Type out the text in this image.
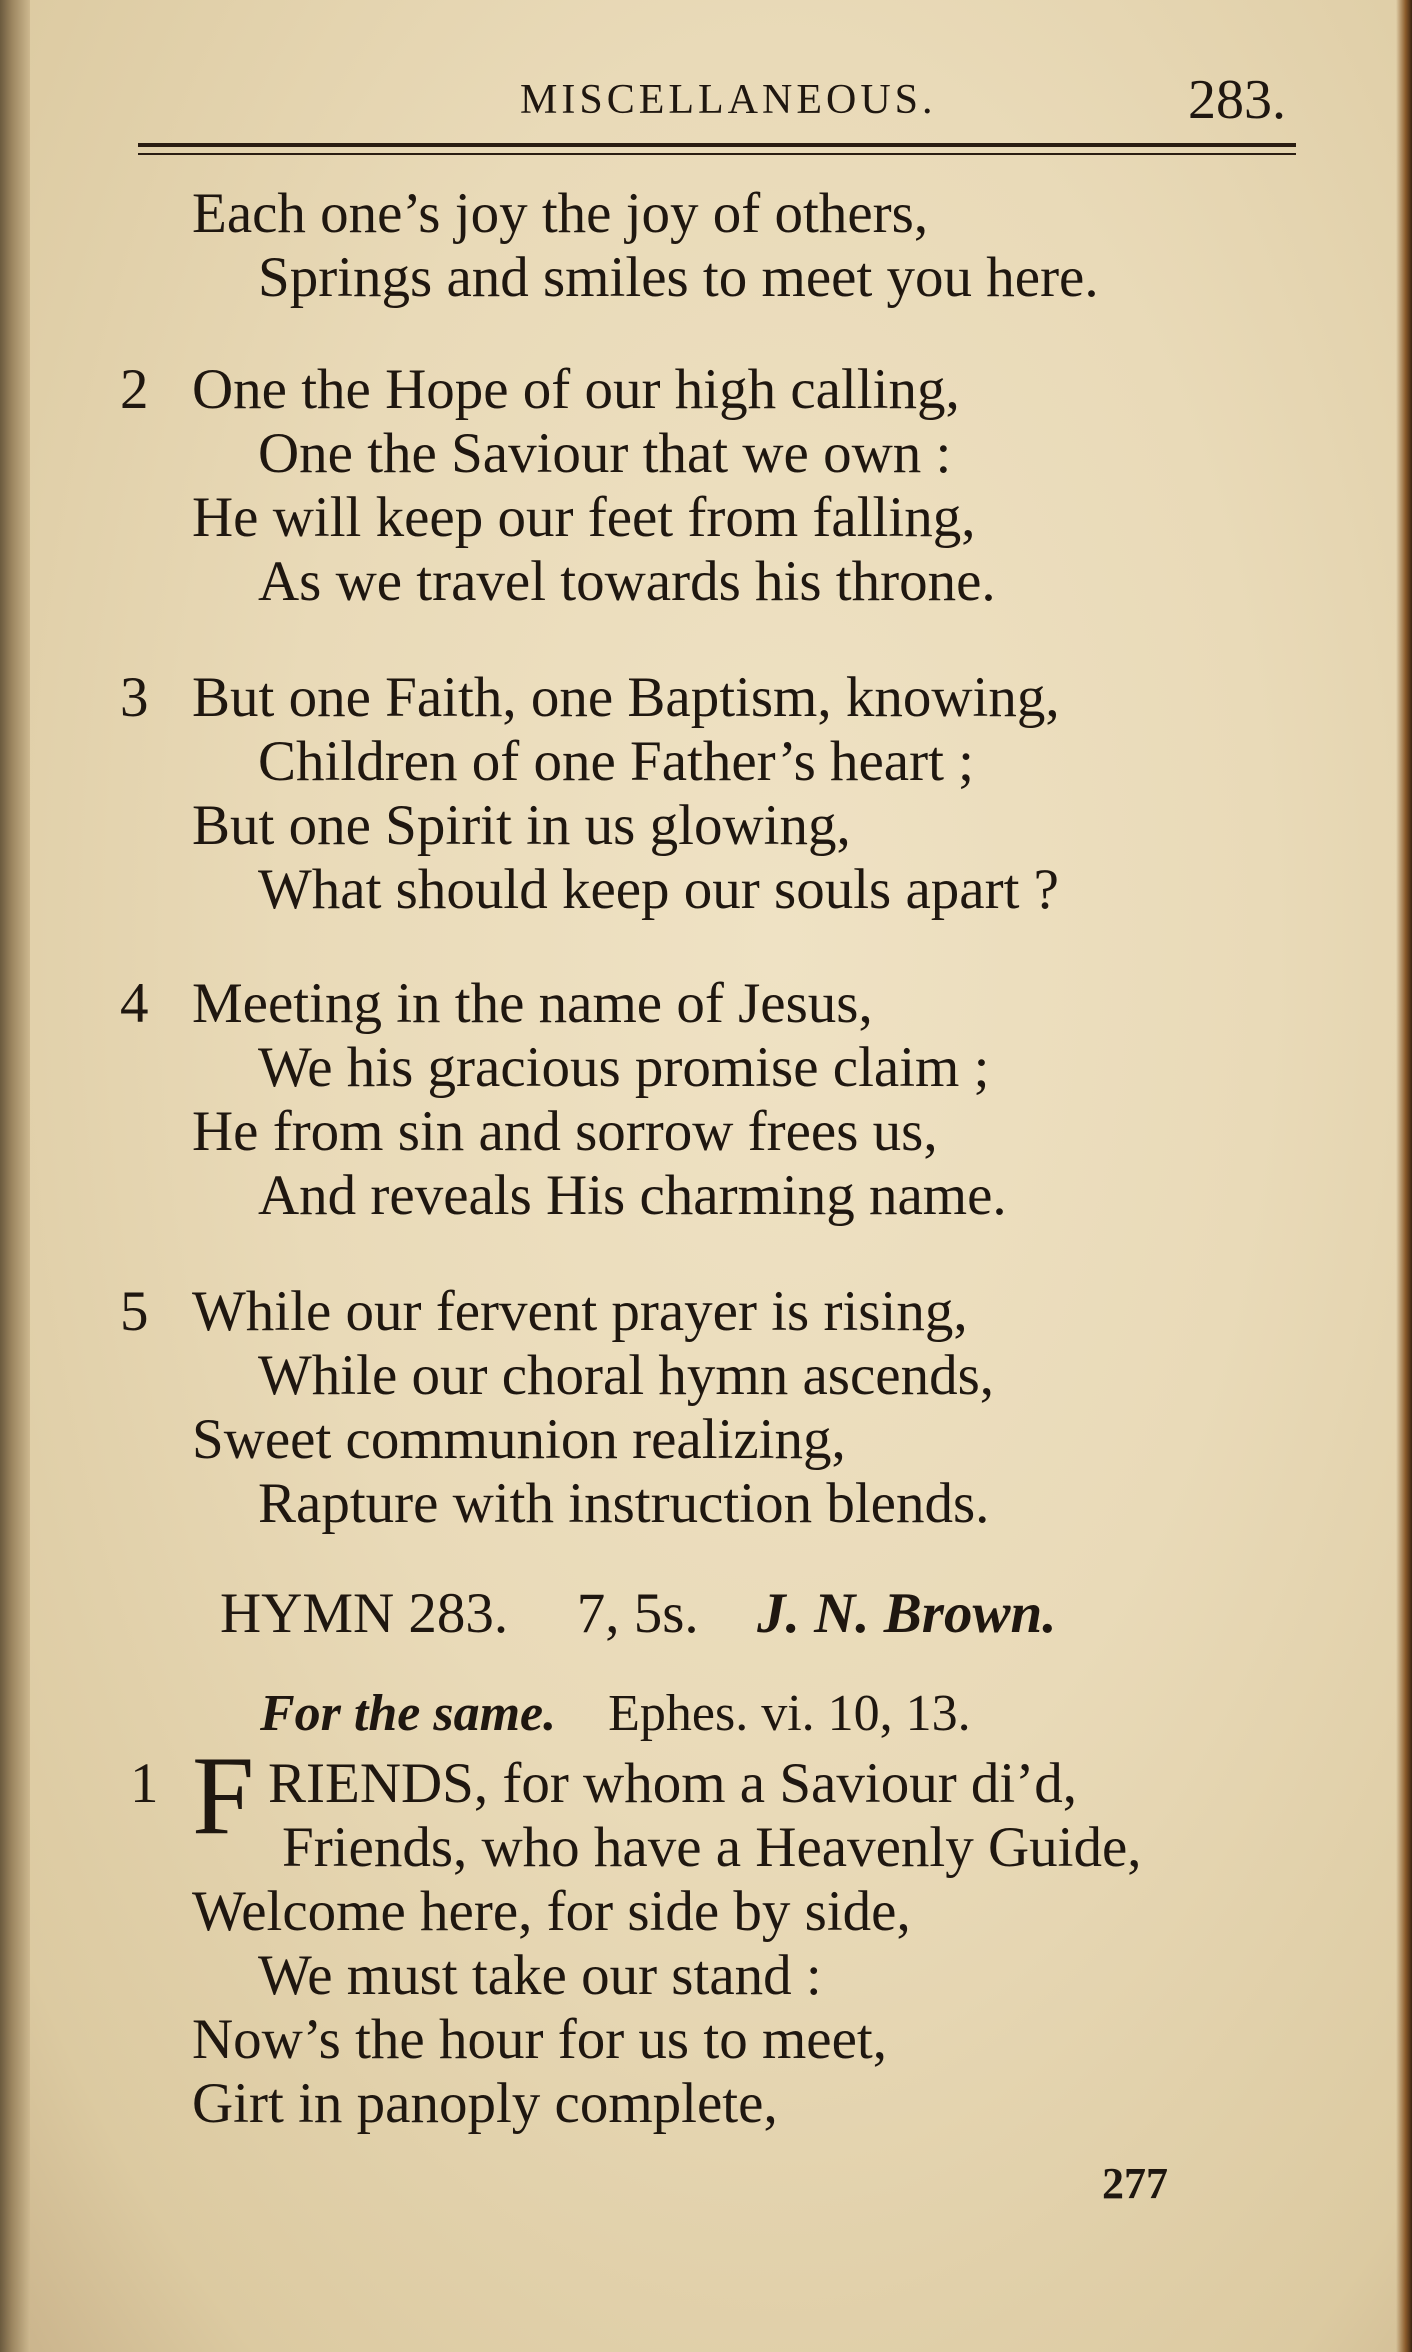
MISCELLANEOUS.	283.
Each one’s joy the joy of others,
Springs and smiles to meet you here.
2 One the Hope of our high calling,
One the Saviour that we own :
He will keep our feet from falling,
As we travel towards his throne.
3 But one Faith, one Baptism, knowing,
Children of one Father’s heart ;
But one Spirit in us glowing,
What should keep our souls apart ?
4 Meeting in the name of Jesus,
We his gracious promise claim ;
He from sin and sorrow frees us,
And reveals His charming name.
5 While our fervent prayer is rising,
While our choral hymn ascends,
Sweet communion realizing,
Rapture with instruction blends.
HYMN 283. 7, 5s. J. N. Brown.
For the same. Ephes. vi. 10, 13.
1 F RIENDS, for whom a Saviour di’d,
Friends, who have a Heavenly Guide,
Welcome here, for side by side,
We must take our stand :
Now’s the hour for us to meet,
Girt in panoply complete,
277
